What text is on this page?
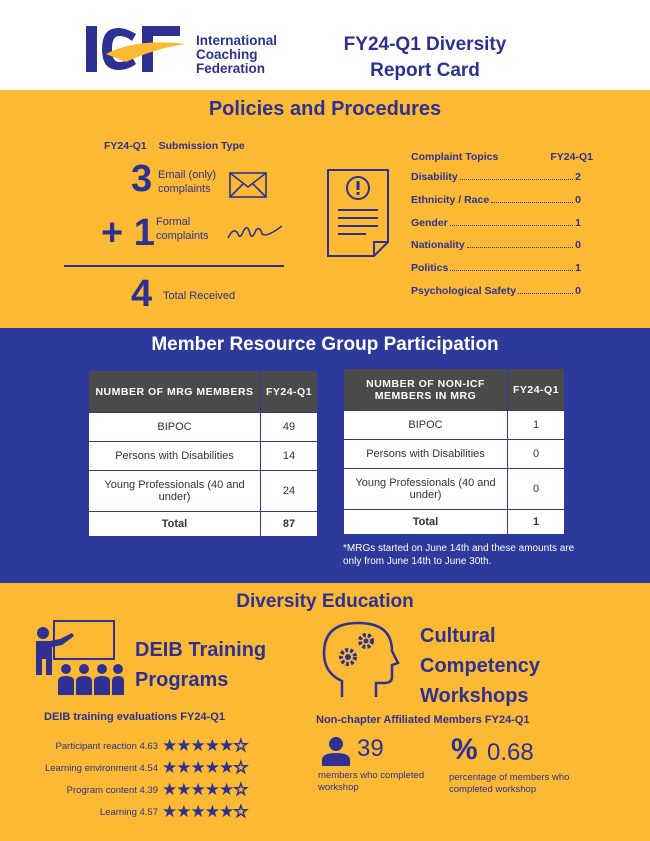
International
Coaching
Federation
FY24-Q1 Diversity
Report Card
Policies and Procedures
FY24-Q1 Submission Type
3 Email (only)
complaints
+ 1 Formal
complaints
4 Total Received
Complaint Topics	FY24-Q1
Disability	2
Ethnicity / Race	0
Gender	1
Nationality	0
Politics	1
Psychological Safety	0
Member Resource Group Participation
NUMBER OF MRG MEMBERS	FY24-Q1
BIPOC	49
Persons with Disabilities	14
Young Professionals (40 and under)	24
Total	87
NUMBER OF NON-ICF MEMBERS IN MRG	FY24-Q1
BIPOC	1
Persons with Disabilities	0
Young Professionals (40 and under)	0
Total	1
*MRGs started on June 14th and these amounts are only from June 14th to June 30th.
Diversity Education
DEIB Training
Programs
Cultural
Competency
Workshops
DEIB training evaluations FY24-Q1
Participant reaction 4.63 ★★★★★☆
Learning environment 4.54 ★★★★★☆
Program content 4.39 ★★★★★☆
Learning 4.57 ★★★★★☆
Non-chapter Affiliated Members FY24-Q1
39
members who completed workshop
% 0.68
percentage of members who completed workshop
